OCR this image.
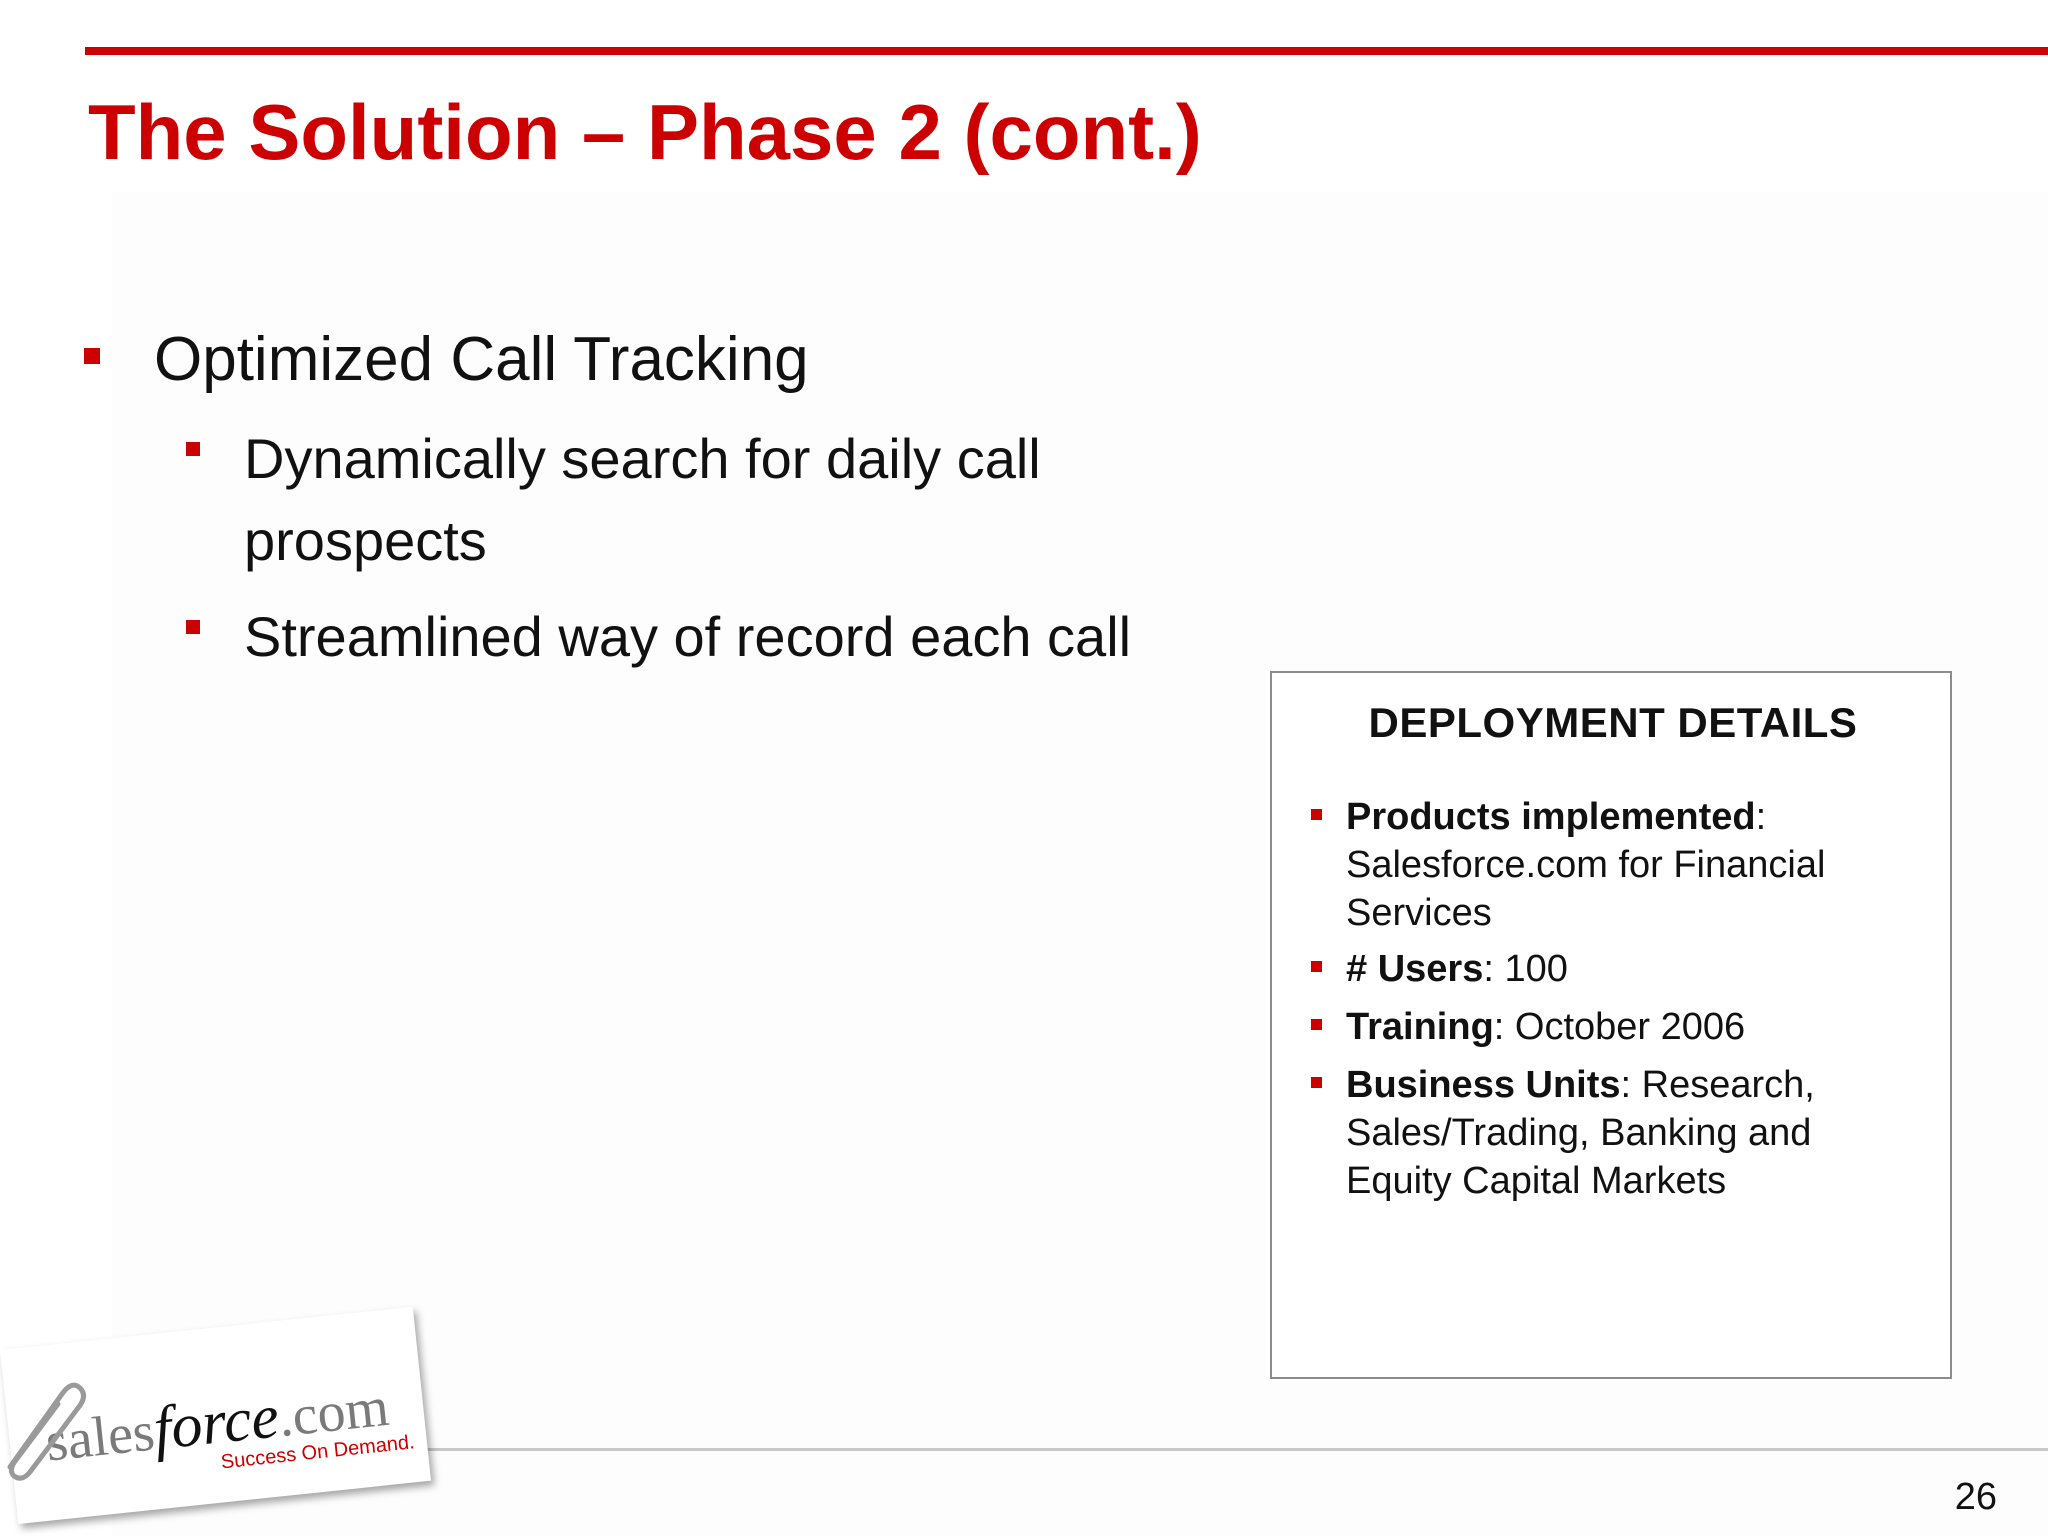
The Solution – Phase 2 (cont.)
Optimized Call Tracking
Dynamically search for daily call
prospects
Streamlined way of record each call
DEPLOYMENT DETAILS
Products implemented: Salesforce.com for Financial Services
# Users: 100
Training: October 2006
Business Units: Research, Sales/Trading, Banking and Equity Capital Markets
26
salesforce.com
Success On Demand.
